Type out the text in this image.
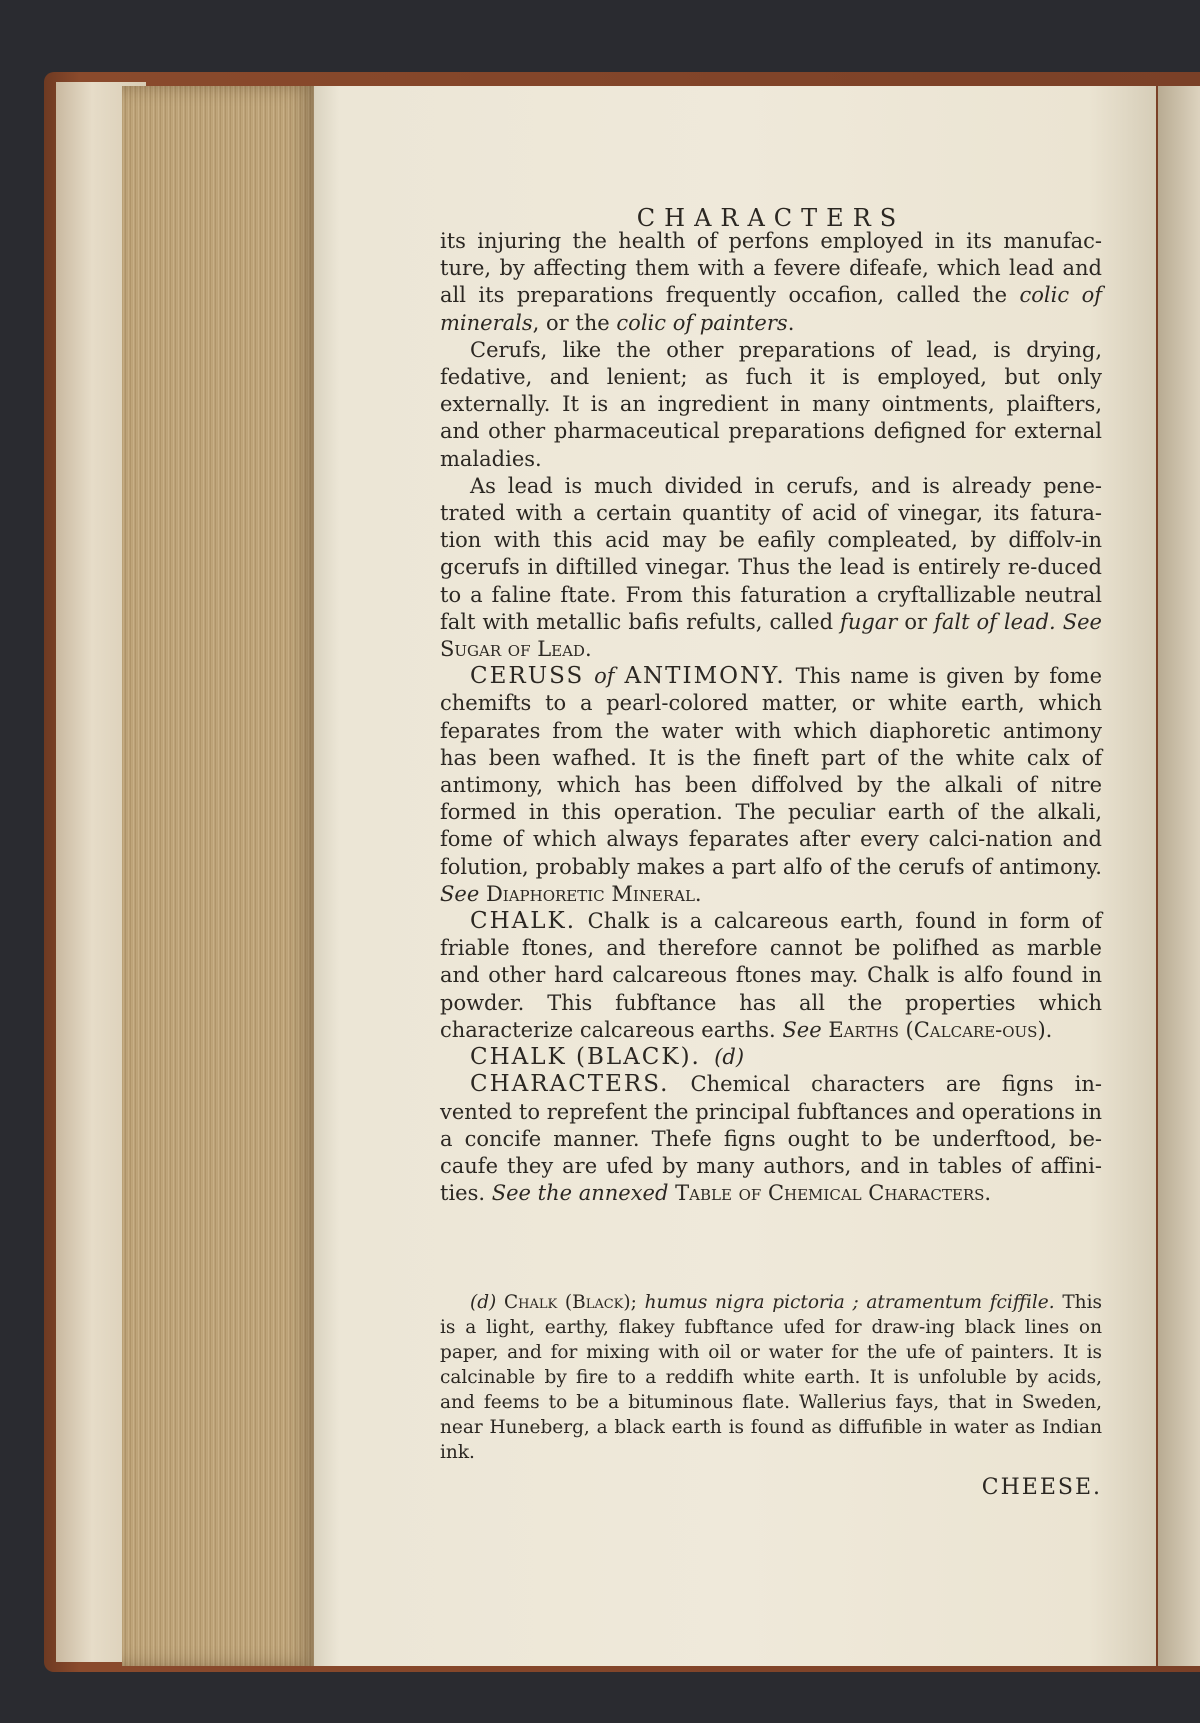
CHARACTERS

its injuring the health of perfons employed in its manufac-ture, by affecting them with a fevere difeafe, which lead and all its preparations frequently occafion, called the colic of minerals, or the colic of painters.

Cerufs, like the other preparations of lead, is drying, fedative, and lenient; as fuch it is employed, but only externally. It is an ingredient in many ointments, plaifters, and other pharmaceutical preparations defigned for external maladies.

As lead is much divided in cerufs, and is already pene-trated with a certain quantity of acid of vinegar, its fatura-tion with this acid may be eafily compleated, by diffolv-in gcerufs in diftilled vinegar. Thus the lead is entirely re-duced to a faline ftate. From this faturation a cryftallizable neutral falt with metallic bafis refults, called fugar or falt of lead. See Sugar of Lead.

CERUSS of ANTIMONY. This name is given by fome chemifts to a pearl-colored matter, or white earth, which feparates from the water with which diaphoretic antimony has been wafhed. It is the fineft part of the white calx of antimony, which has been diffolved by the alkali of nitre formed in this operation. The peculiar earth of the alkali, fome of which always feparates after every calci-nation and folution, probably makes a part alfo of the cerufs of antimony. See Diaphoretic Mineral.

CHALK. Chalk is a calcareous earth, found in form of friable ftones, and therefore cannot be polifhed as marble and other hard calcareous ftones may. Chalk is alfo found in powder. This fubftance has all the properties which characterize calcareous earths. See Earths (Calcare-ous).

CHALK (BLACK). (d)

CHARACTERS. Chemical characters are figns in-vented to reprefent the principal fubftances and operations in a concife manner. Thefe figns ought to be underftood, be-caufe they are ufed by many authors, and in tables of affini-ties. See the annexed Table of Chemical Characters.

(d) Chalk (Black); humus nigra pictoria ; atramentum fciffile. This is a light, earthy, flakey fubftance ufed for draw-ing black lines on paper, and for mixing with oil or water for the ufe of painters. It is calcinable by fire to a reddifh white earth. It is unfoluble by acids, and feems to be a bituminous flate. Wallerius fays, that in Sweden, near Huneberg, a black earth is found as diffufible in water as Indian ink.
CHEESE.
